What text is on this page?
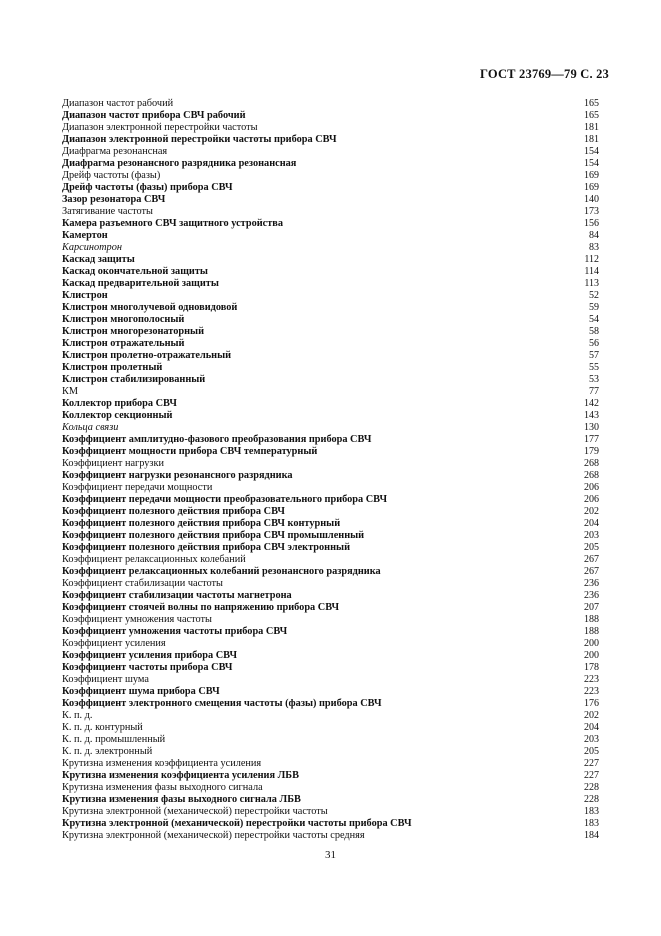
ГОСТ 23769—79 С. 23
Диапазон частот рабочий	165
Диапазон частот прибора СВЧ рабочий	165
Диапазон электронной перестройки частоты	181
Диапазон электронной перестройки частоты прибора СВЧ	181
Диафрагма резонансная	154
Диафрагма резонансного разрядника резонансная	154
Дрейф частоты (фазы)	169
Дрейф частоты (фазы) прибора СВЧ	169
Зазор резонатора СВЧ	140
Затягивание частоты	173
Камера разъемного СВЧ защитного устройства	156
Камертон	84
Карсинотрон	83
Каскад защиты	112
Каскад окончательной защиты	114
Каскад предварительной защиты	113
Клистрон	52
Клистрон многолучевой одновидовой	59
Клистрон многополосный	54
Клистрон многорезонаторный	58
Клистрон отражательный	56
Клистрон пролетно-отражательный	57
Клистрон пролетный	55
Клистрон стабилизированный	53
КМ	77
Коллектор прибора СВЧ	142
Коллектор секционный	143
Кольца связи	130
Коэффициент амплитудно-фазового преобразования прибора СВЧ	177
Коэффициент мощности прибора СВЧ температурный	179
Коэффициент нагрузки	268
Коэффициент нагрузки резонансного разрядника	268
Коэффициент передачи мощности	206
Коэффициент передачи мощности преобразовательного прибора СВЧ	206
Коэффициент полезного действия прибора СВЧ	202
Коэффициент полезного действия прибора СВЧ контурный	204
Коэффициент полезного действия прибора СВЧ промышленный	203
Коэффициент полезного действия прибора СВЧ электронный	205
Коэффициент релаксационных колебаний	267
Коэффициент релаксационных колебаний резонансного разрядника	267
Коэффициент стабилизации частоты	236
Коэффициент стабилизации частоты магнетрона	236
Коэффициент стоячей волны по напряжению прибора СВЧ	207
Коэффициент умножения частоты	188
Коэффициент умножения частоты прибора СВЧ	188
Коэффициент усиления	200
Коэффициент усиления прибора СВЧ	200
Коэффициент частоты прибора СВЧ	178
Коэффициент шума	223
Коэффициент шума прибора СВЧ	223
Коэффициент электронного смещения частоты (фазы) прибора СВЧ	176
К. п. д.	202
К. п. д. контурный	204
К. п. д. промышленный	203
К. п. д. электронный	205
Крутизна изменения коэффициента усиления	227
Крутизна изменения коэффициента усиления ЛБВ	227
Крутизна изменения фазы выходного сигнала	228
Крутизна изменения фазы выходного сигнала ЛБВ	228
Крутизна электронной (механической) перестройки частоты	183
Крутизна электронной (механической) перестройки частоты прибора СВЧ	183
Крутизна электронной (механической) перестройки частоты средняя	184
31
